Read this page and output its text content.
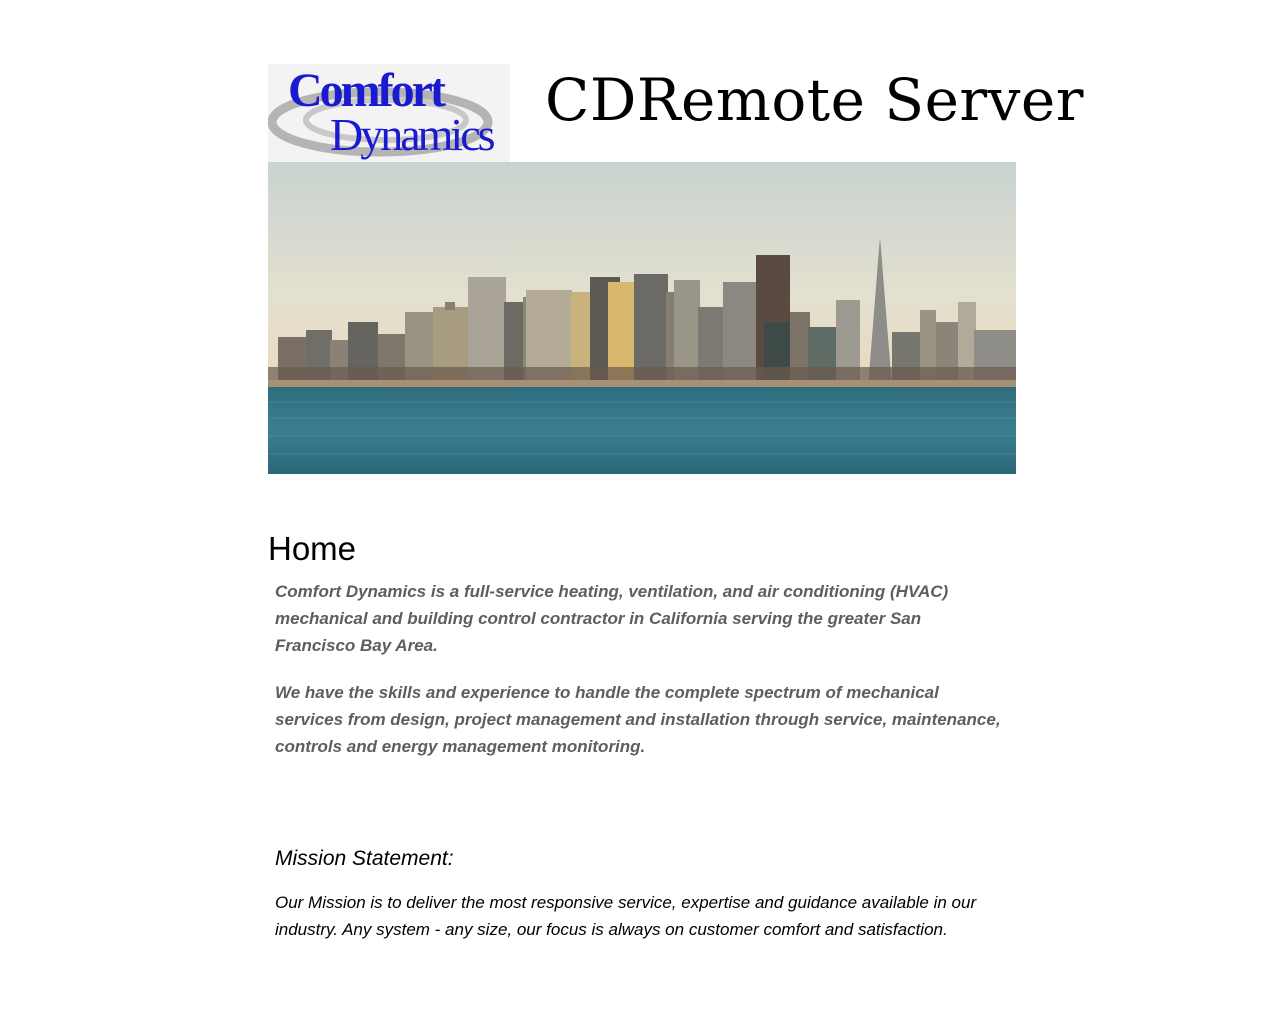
Comfort
Dynamics
CDRemote Server
Home

Comfort Dynamics is a full-service heating, ventilation, and air conditioning (HVAC) mechanical and building control contractor in California serving the greater San Francisco Bay Area.

We have the skills and experience to handle the complete spectrum of mechanical services from design, project management and installation through service, maintenance, controls and energy management monitoring.

Mission Statement:

Our Mission is to deliver the most responsive service, expertise and guidance available in our industry. Any system - any size, our focus is always on customer comfort and satisfaction.
